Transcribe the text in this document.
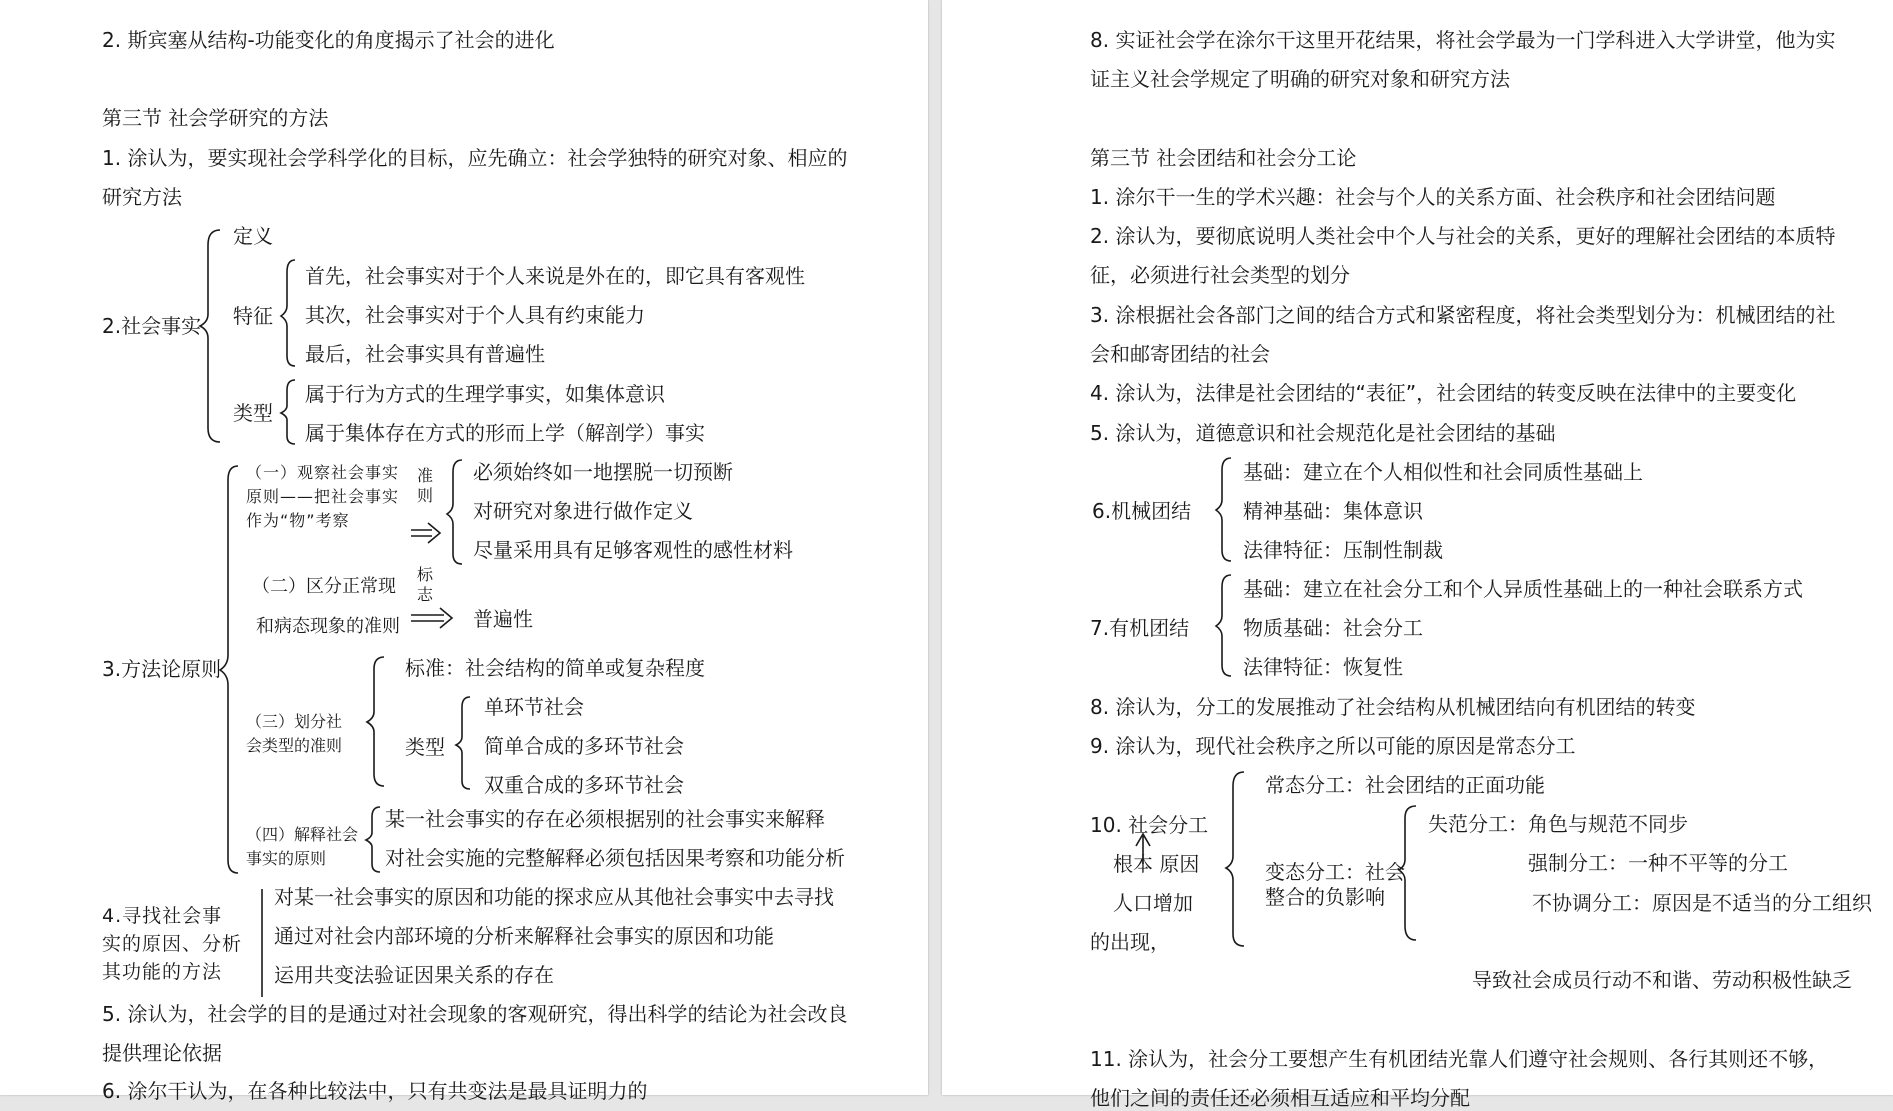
2. 斯宾塞从结构-功能变化的角度揭示了社会的进化
第三节 社会学研究的方法
1. 涂认为，要实现社会学科学化的目标，应先确立：社会学独特的研究对象、相应的
研究方法
2.社会事实
定义
特征
首先，社会事实对于个人来说是外在的，即它具有客观性
其次，社会事实对于个人具有约束能力
最后，社会事实具有普遍性
类型
属于行为方式的生理学事实，如集体意识
属于集体存在方式的形而上学（解剖学）事实
3.方法论原则
（一）观察社会事实原则——把社会事实作为“物”考察
准则
必须始终如一地摆脱一切预断
对研究对象进行做作定义
尽量采用具有足够客观性的感性材料
（二）区分正常现
和病态现象的准则
标志
普遍性
（三）划分社会类型的准则
标准：社会结构的简单或复杂程度
类型
单环节社会
简单合成的多环节社会
双重合成的多环节社会
（四）解释社会事实的原则
某一社会事实的存在必须根据别的社会事实来解释
对社会实施的完整解释必须包括因果考察和功能分析
4.寻找社会事实的原因、分析其功能的方法
对某一社会事实的原因和功能的探求应从其他社会事实中去寻找
通过对社会内部环境的分析来解释社会事实的原因和功能
运用共变法验证因果关系的存在
5. 涂认为，社会学的目的是通过对社会现象的客观研究，得出科学的结论为社会改良
提供理论依据
6. 涂尔干认为，在各种比较法中，只有共变法是最具证明力的
8. 实证社会学在涂尔干这里开花结果，将社会学最为一门学科进入大学讲堂，他为实
证主义社会学规定了明确的研究对象和研究方法
第三节 社会团结和社会分工论
1. 涂尔干一生的学术兴趣：社会与个人的关系方面、社会秩序和社会团结问题
2. 涂认为，要彻底说明人类社会中个人与社会的关系，更好的理解社会团结的本质特
征，必须进行社会类型的划分
3. 涂根据社会各部门之间的结合方式和紧密程度，将社会类型划分为：机械团结的社
会和邮寄团结的社会
4. 涂认为，法律是社会团结的“表征”，社会团结的转变反映在法律中的主要变化
5. 涂认为，道德意识和社会规范化是社会团结的基础
6.机械团结
基础：建立在个人相似性和社会同质性基础上
精神基础：集体意识
法律特征：压制性制裁
7.有机团结
基础：建立在社会分工和个人异质性基础上的一种社会联系方式
物质基础：社会分工
法律特征：恢复性
8. 涂认为，分工的发展推动了社会结构从机械团结向有机团结的转变
9. 涂认为，现代社会秩序之所以可能的原因是常态分工
10. 社会分工
根本 原因
人口增加
的出现，
常态分工：社会团结的正面功能
变态分工：社会
整合的负影响
失范分工：角色与规范不同步
强制分工：一种不平等的分工
不协调分工：原因是不适当的分工组织
导致社会成员行动不和谐、劳动积极性缺乏
11. 涂认为，社会分工要想产生有机团结光靠人们遵守社会规则、各行其则还不够，
他们之间的责任还必须相互适应和平均分配
